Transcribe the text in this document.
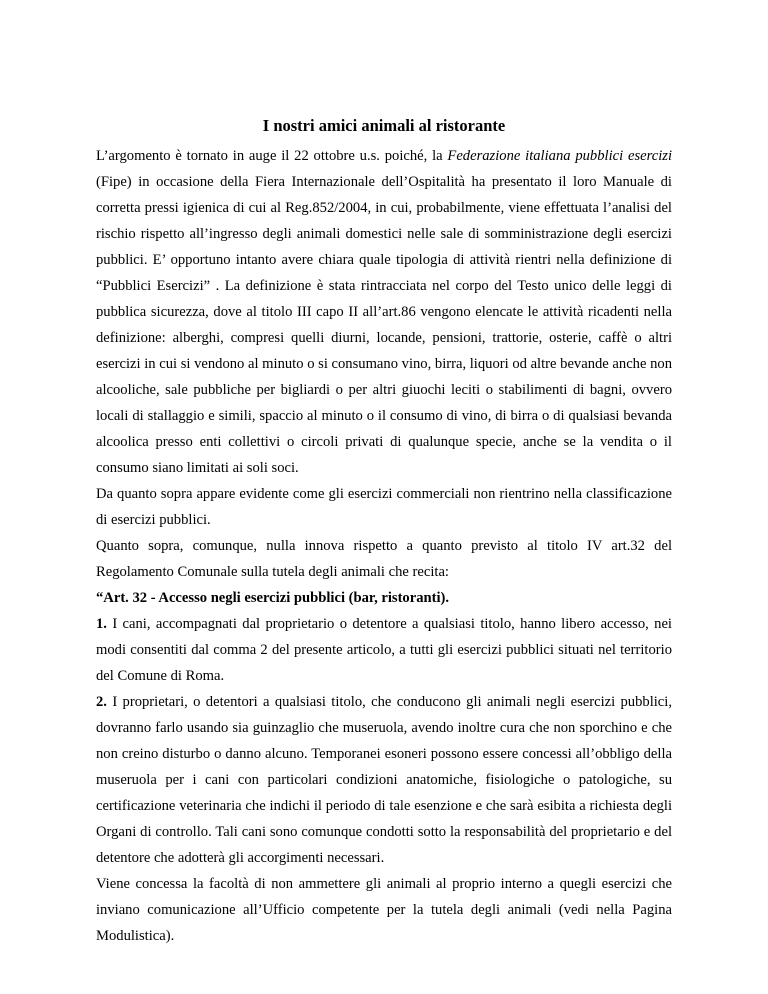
I nostri amici animali al ristorante

L’argomento è tornato in auge il 22 ottobre u.s. poiché, la Federazione italiana pubblici esercizi (Fipe) in occasione della Fiera Internazionale dell’Ospitalità ha presentato il loro Manuale di corretta pressi igienica di cui al Reg.852/2004, in cui, probabilmente, viene effettuata l’analisi del rischio rispetto all’ingresso degli animali domestici nelle sale di somministrazione degli esercizi pubblici. E’ opportuno intanto avere chiara quale tipologia di attività rientri nella definizione di “Pubblici Esercizi” . La definizione è stata rintracciata nel corpo del Testo unico delle leggi di pubblica sicurezza, dove al titolo III capo II all’art.86 vengono elencate le attività ricadenti nella definizione: alberghi, compresi quelli diurni, locande, pensioni, trattorie, osterie, caffè o altri esercizi in cui si vendono al minuto o si consumano vino, birra, liquori od altre bevande anche non alcooliche, sale pubbliche per bigliardi o per altri giuochi leciti o stabilimenti di bagni, ovvero locali di stallaggio e simili, spaccio al minuto o il consumo di vino, di birra o di qualsiasi bevanda alcoolica presso enti collettivi o circoli privati di qualunque specie, anche se la vendita o il consumo siano limitati ai soli soci.

Da quanto sopra appare evidente come gli esercizi commerciali non rientrino nella classificazione di esercizi pubblici.

Quanto sopra, comunque, nulla innova rispetto a quanto previsto al titolo IV art.32 del Regolamento Comunale sulla tutela degli animali che recita:

“Art. 32 - Accesso negli esercizi pubblici (bar, ristoranti).

1. I cani, accompagnati dal proprietario o detentore a qualsiasi titolo, hanno libero accesso, nei modi consentiti dal comma 2 del presente articolo, a tutti gli esercizi pubblici situati nel territorio del Comune di Roma.

2. I proprietari, o detentori a qualsiasi titolo, che conducono gli animali negli esercizi pubblici, dovranno farlo usando sia guinzaglio che museruola, avendo inoltre cura che non sporchino e che non creino disturbo o danno alcuno. Temporanei esoneri possono essere concessi all’obbligo della museruola per i cani con particolari condizioni anatomiche, fisiologiche o patologiche, su certificazione veterinaria che indichi il periodo di tale esenzione e che sarà esibita a richiesta degli Organi di controllo. Tali cani sono comunque condotti sotto la responsabilità del proprietario e del detentore che adotterà gli accorgimenti necessari.

Viene concessa la facoltà di non ammettere gli animali al proprio interno a quegli esercizi che inviano comunicazione all’Ufficio competente per la tutela degli animali (vedi nella Pagina Modulistica).
